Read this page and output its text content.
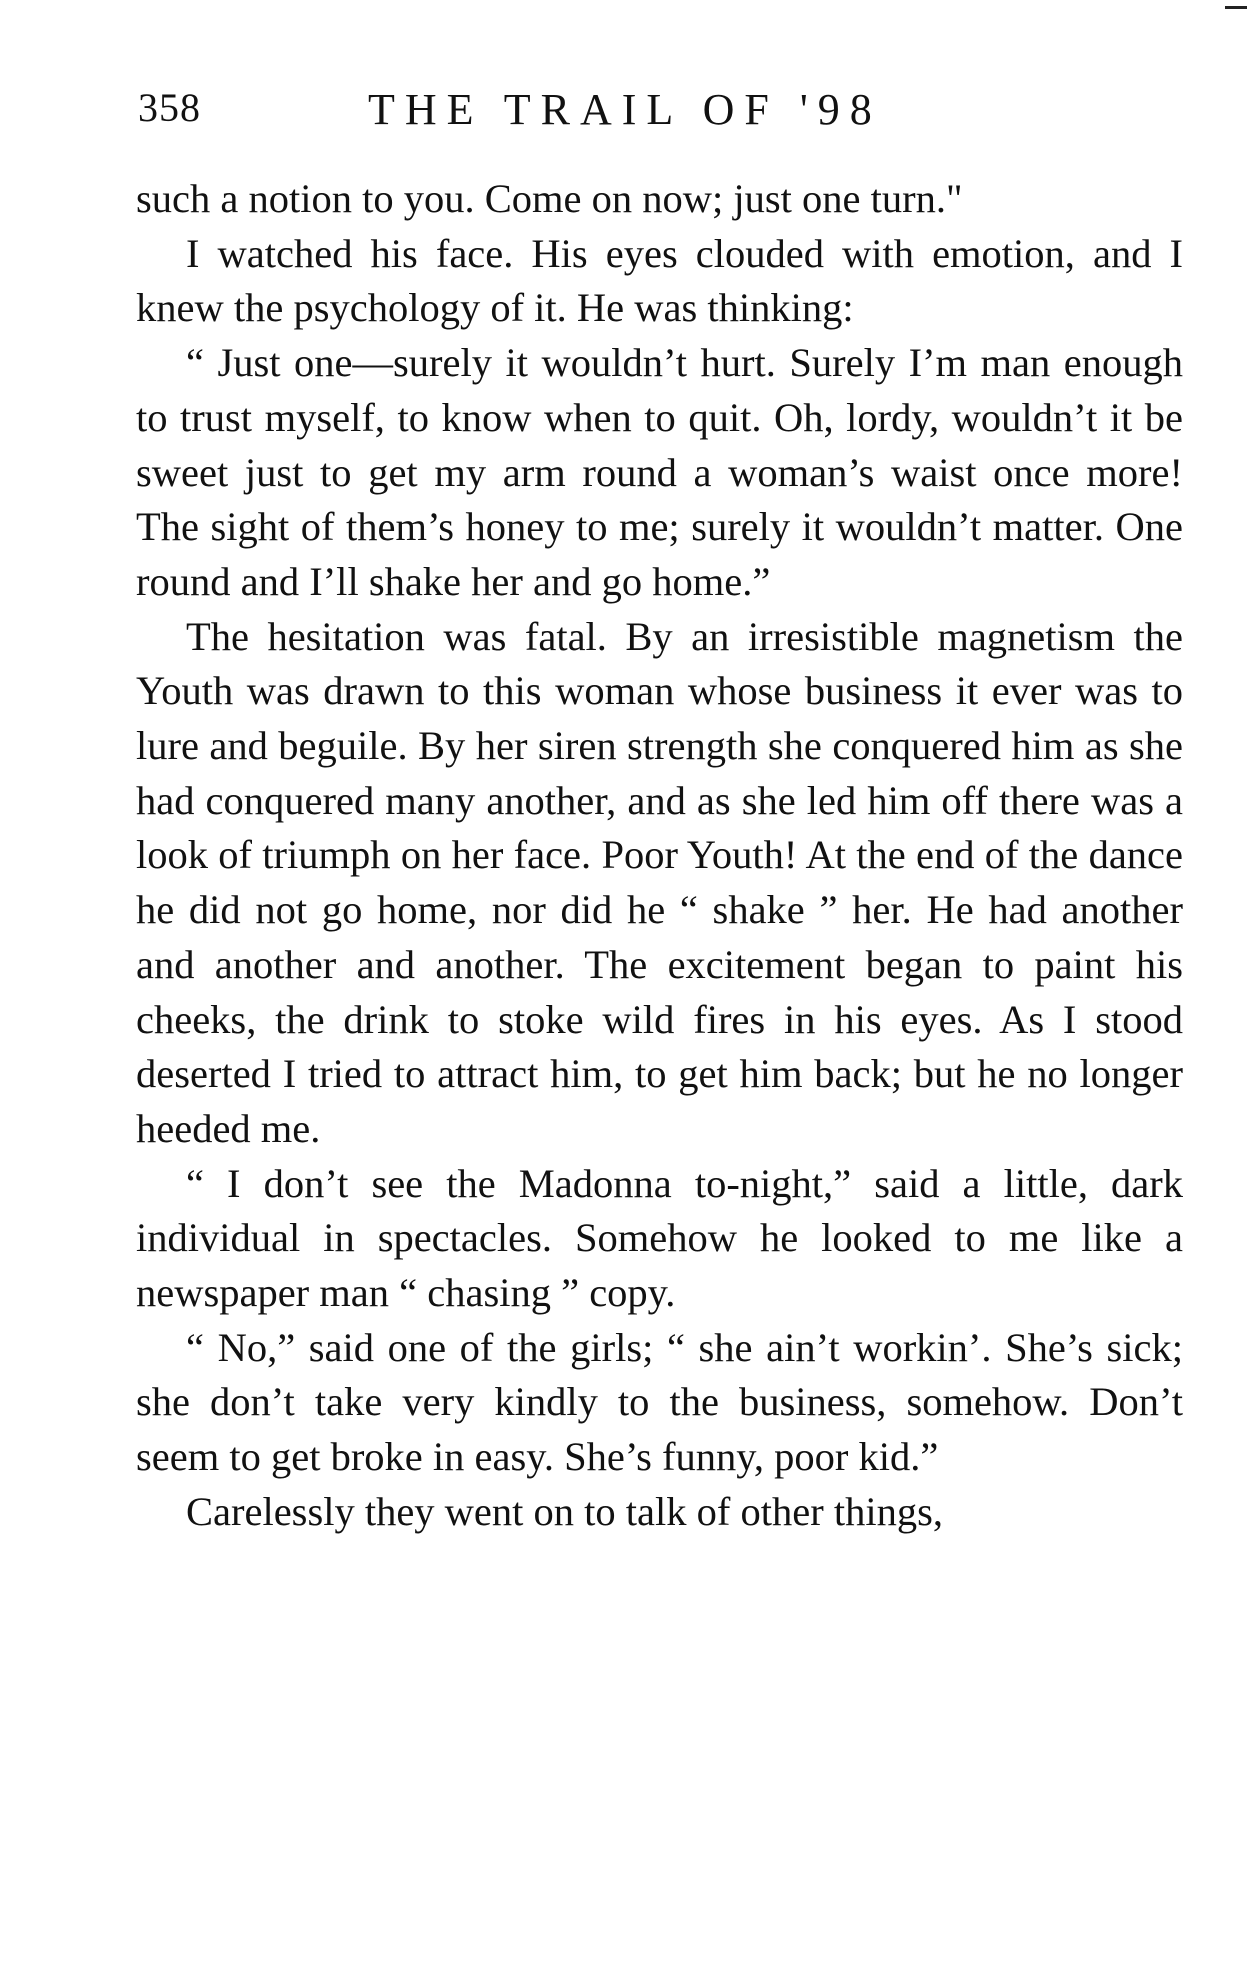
358	THE TRAIL OF '98

such a notion to you. Come on now; just one turn."

I watched his face. His eyes clouded with emotion, and I knew the psychology of it. He was thinking:

“ Just one—surely it wouldn’t hurt. Surely I’m man enough to trust myself, to know when to quit. Oh, lordy, wouldn’t it be sweet just to get my arm round a woman’s waist once more! The sight of them’s honey to me; surely it wouldn’t matter. One round and I’ll shake her and go home.”

The hesitation was fatal. By an irresistible magnetism the Youth was drawn to this woman whose business it ever was to lure and beguile. By her siren strength she conquered him as she had conquered many another, and as she led him off there was a look of triumph on her face. Poor Youth! At the end of the dance he did not go home, nor did he “ shake ” her. He had another and another and another. The excitement began to paint his cheeks, the drink to stoke wild fires in his eyes. As I stood deserted I tried to attract him, to get him back; but he no longer heeded me.

“ I don’t see the Madonna to-night,” said a little, dark individual in spectacles. Somehow he looked to me like a newspaper man “ chasing ” copy.

“ No,” said one of the girls; “ she ain’t workin’. She’s sick; she don’t take very kindly to the business, somehow. Don’t seem to get broke in easy. She’s funny, poor kid.”

Carelessly they went on to talk of other things,
